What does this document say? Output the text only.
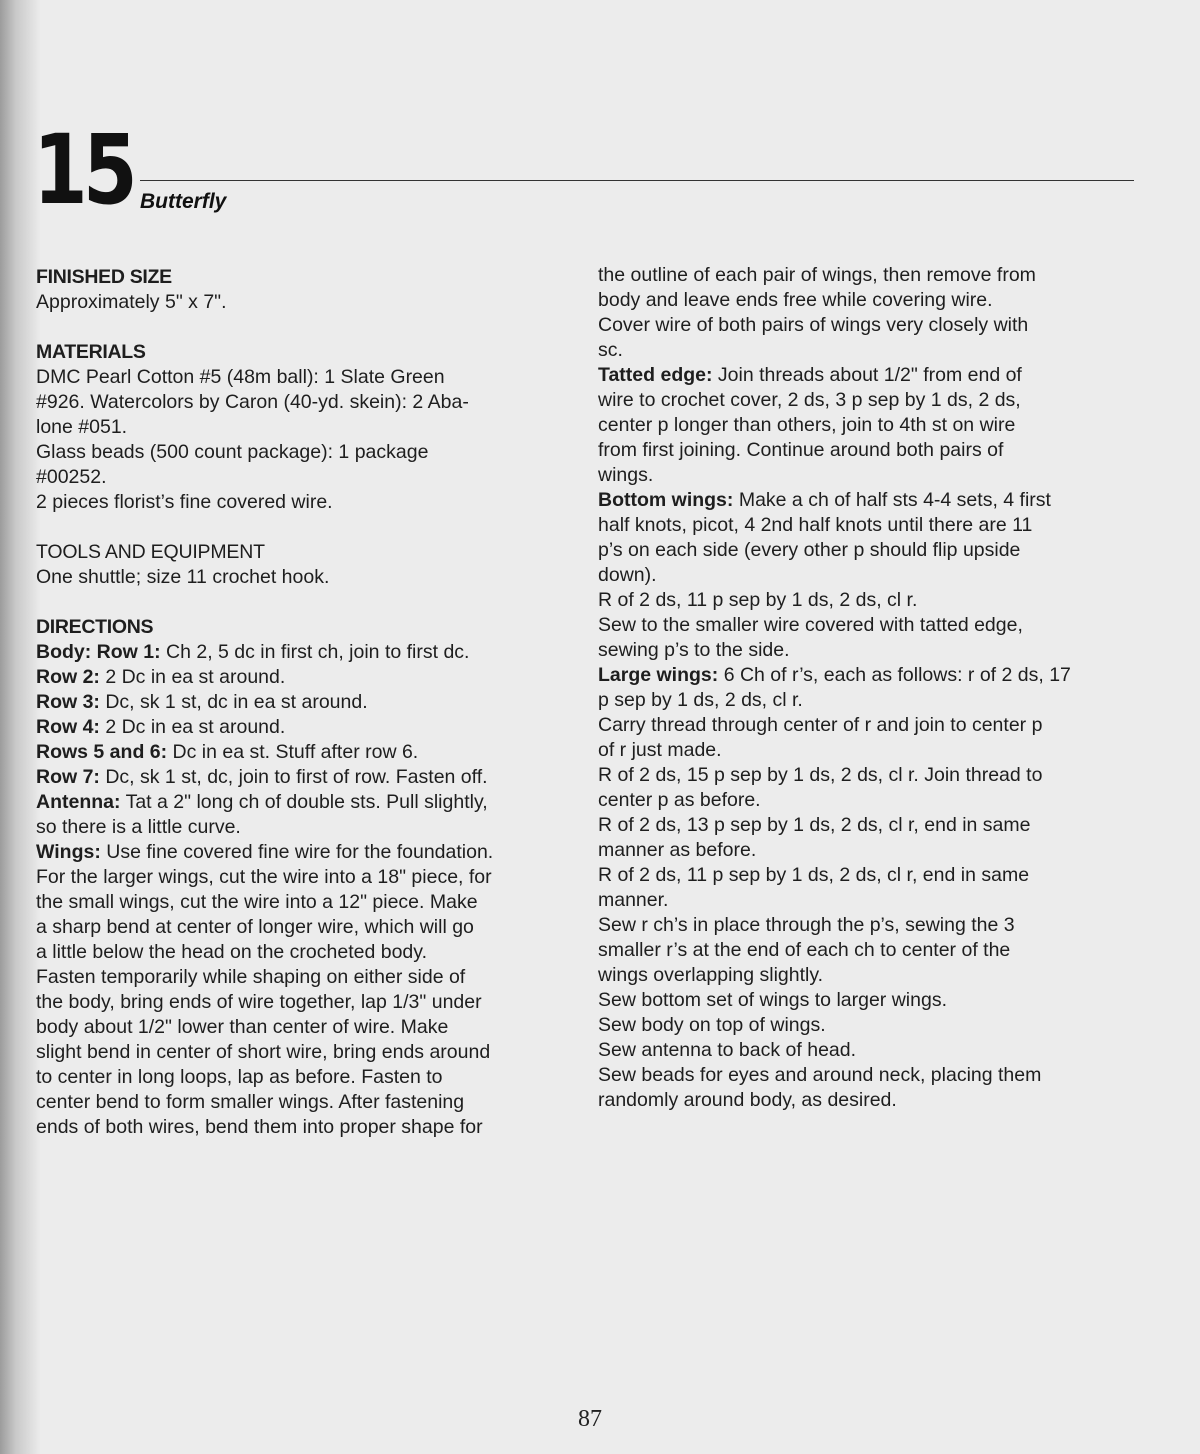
15 Butterfly

FINISHED SIZE

Approximately 5" x 7".

MATERIALS

DMC Pearl Cotton #5 (48m ball): 1 Slate Green

#926. Watercolors by Caron (40-yd. skein): 2 Aba-

lone #051.

Glass beads (500 count package): 1 package

#00252.

2 pieces florist’s fine covered wire.

TOOLS AND EQUIPMENT

One shuttle; size 11 crochet hook.

DIRECTIONS

Body: Row 1: Ch 2, 5 dc in first ch, join to first dc.

Row 2: 2 Dc in ea st around.

Row 3: Dc, sk 1 st, dc in ea st around.

Row 4: 2 Dc in ea st around.

Rows 5 and 6: Dc in ea st. Stuff after row 6.

Row 7: Dc, sk 1 st, dc, join to first of row. Fasten off.

Antenna: Tat a 2" long ch of double sts. Pull slightly,

so there is a little curve.

Wings: Use fine covered fine wire for the foundation.

For the larger wings, cut the wire into a 18" piece, for

the small wings, cut the wire into a 12" piece. Make

a sharp bend at center of longer wire, which will go

a little below the head on the crocheted body.

Fasten temporarily while shaping on either side of

the body, bring ends of wire together, lap 1/3" under

body about 1/2" lower than center of wire. Make

slight bend in center of short wire, bring ends around

to center in long loops, lap as before. Fasten to

center bend to form smaller wings. After fastening

ends of both wires, bend them into proper shape for

the outline of each pair of wings, then remove from

body and leave ends free while covering wire.

Cover wire of both pairs of wings very closely with

sc.

Tatted edge: Join threads about 1/2" from end of

wire to crochet cover, 2 ds, 3 p sep by 1 ds, 2 ds,

center p longer than others, join to 4th st on wire

from first joining. Continue around both pairs of

wings.

Bottom wings: Make a ch of half sts 4-4 sets, 4 first

half knots, picot, 4 2nd half knots until there are 11

p’s on each side (every other p should flip upside

down).

R of 2 ds, 11 p sep by 1 ds, 2 ds, cl r.

Sew to the smaller wire covered with tatted edge,

sewing p’s to the side.

Large wings: 6 Ch of r’s, each as follows: r of 2 ds, 17

p sep by 1 ds, 2 ds, cl r.

Carry thread through center of r and join to center p

of r just made.

R of 2 ds, 15 p sep by 1 ds, 2 ds, cl r. Join thread to

center p as before.

R of 2 ds, 13 p sep by 1 ds, 2 ds, cl r, end in same

manner as before.

R of 2 ds, 11 p sep by 1 ds, 2 ds, cl r, end in same

manner.

Sew r ch’s in place through the p’s, sewing the 3

smaller r’s at the end of each ch to center of the

wings overlapping slightly.

Sew bottom set of wings to larger wings.

Sew body on top of wings.

Sew antenna to back of head.

Sew beads for eyes and around neck, placing them

randomly around body, as desired.

87
